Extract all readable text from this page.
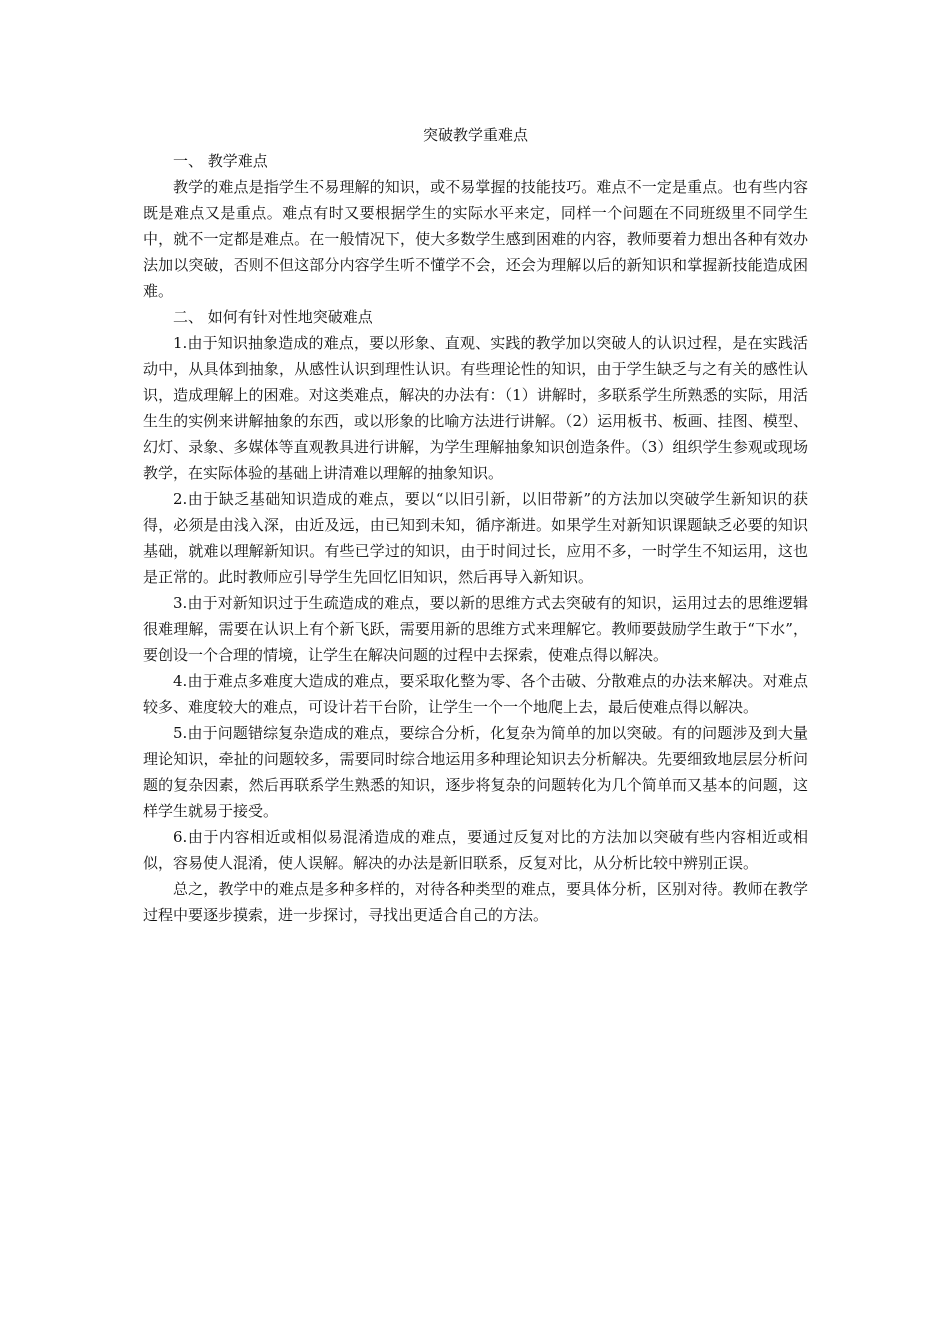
突破教学重难点

一、 教学难点

教学的难点是指学生不易理解的知识，或不易掌握的技能技巧。难点不一定是重点。也有些内容既是难点又是重点。难点有时又要根据学生的实际水平来定，同样一个问题在不同班级里不同学生中，就不一定都是难点。在一般情况下，使大多数学生感到困难的内容，教师要着力想出各种有效办法加以突破，否则不但这部分内容学生听不懂学不会，还会为理解以后的新知识和掌握新技能造成困难。

二、 如何有针对性地突破难点

1.由于知识抽象造成的难点，要以形象、直观、实践的教学加以突破人的认识过程，是在实践活动中，从具体到抽象，从感性认识到理性认识。有些理论性的知识，由于学生缺乏与之有关的感性认识，造成理解上的困难。对这类难点，解决的办法有：（1）讲解时，多联系学生所熟悉的实际，用活生生的实例来讲解抽象的东西，或以形象的比喻方法进行讲解。（2）运用板书、板画、挂图、模型、幻灯、录象、多媒体等直观教具进行讲解，为学生理解抽象知识创造条件。（3）组织学生参观或现场教学，在实际体验的基础上讲清难以理解的抽象知识。

2.由于缺乏基础知识造成的难点，要以“以旧引新，以旧带新”的方法加以突破学生新知识的获得，必须是由浅入深，由近及远，由已知到未知，循序渐进。如果学生对新知识课题缺乏必要的知识基础，就难以理解新知识。有些已学过的知识，由于时间过长，应用不多，一时学生不知运用，这也是正常的。此时教师应引导学生先回忆旧知识，然后再导入新知识。

3.由于对新知识过于生疏造成的难点，要以新的思维方式去突破有的知识，运用过去的思维逻辑很难理解，需要在认识上有个新飞跃，需要用新的思维方式来理解它。教师要鼓励学生敢于“下水”，要创设一个合理的情境，让学生在解决问题的过程中去探索，使难点得以解决。

4.由于难点多难度大造成的难点，要采取化整为零、各个击破、分散难点的办法来解决。对难点较多、难度较大的难点，可设计若干台阶，让学生一个一个地爬上去，最后使难点得以解决。

5.由于问题错综复杂造成的难点，要综合分析，化复杂为简单的加以突破。有的问题涉及到大量理论知识，牵扯的问题较多，需要同时综合地运用多种理论知识去分析解决。先要细致地层层分析问题的复杂因素，然后再联系学生熟悉的知识，逐步将复杂的问题转化为几个简单而又基本的问题，这样学生就易于接受。

6.由于内容相近或相似易混淆造成的难点，要通过反复对比的方法加以突破有些内容相近或相似，容易使人混淆，使人误解。解决的办法是新旧联系，反复对比，从分析比较中辨别正误。

总之，教学中的难点是多种多样的，对待各种类型的难点，要具体分析，区别对待。教师在教学过程中要逐步摸索，进一步探讨，寻找出更适合自己的方法。
